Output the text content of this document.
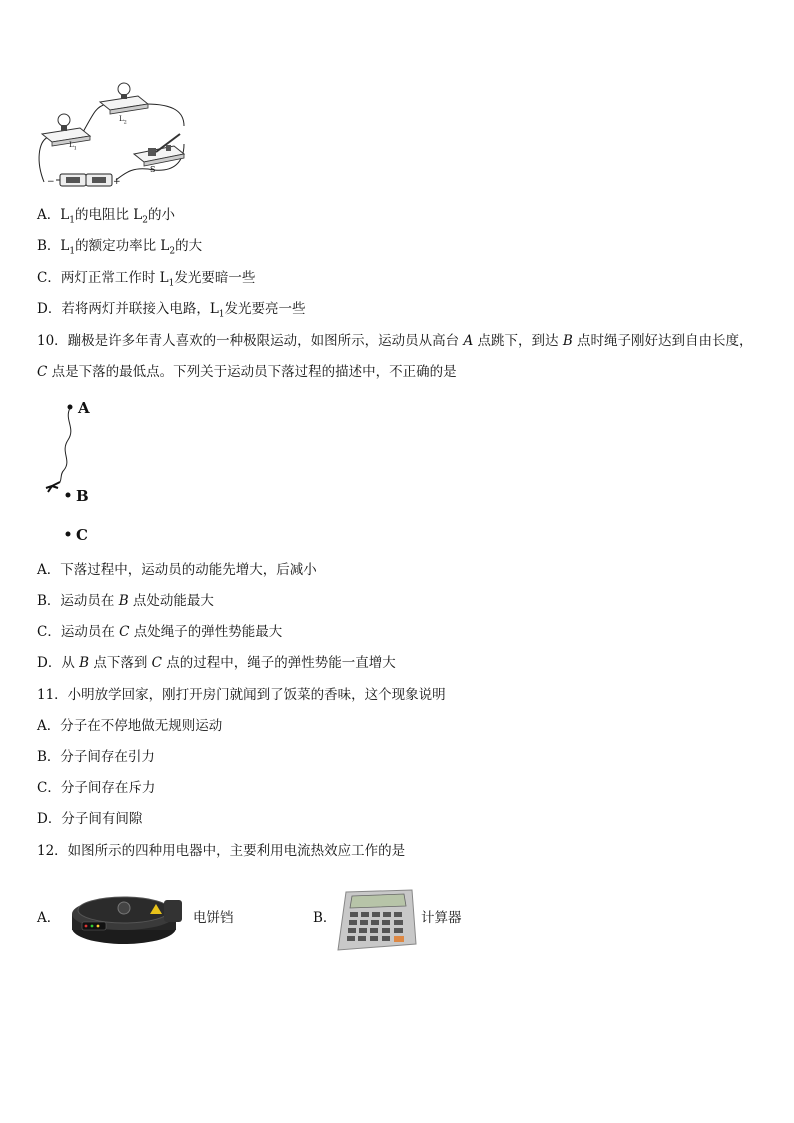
$L_1$
$L_2$
S
−	+
A．$L_1$的电阻比 $L_2$的小
B．$L_1$的额定功率比 $L_2$的大
C．两灯正常工作时 $L_1$发光要暗一些
D．若将两灯并联接入电路，$L_1$发光要亮一些
10．蹦极是许多年青人喜欢的一种极限运动，如图所示，运动员从高台 A 点跳下，到达 B 点时绳子刚好达到自由长度，
C 点是下落的最低点。下列关于运动员下落过程的描述中，不正确的是
A
B
C
A．下落过程中，运动员的动能先增大，后减小
B．运动员在 B 点处动能最大
C．运动员在 C 点处绳子的弹性势能最大
D．从 B 点下落到 C 点的过程中，绳子的弹性势能一直增大
11．小明放学回家，刚打开房门就闻到了饭菜的香味，这个现象说明
A．分子在不停地做无规则运动
B．分子间存在引力
C．分子间存在斥力
D．分子间有间隙
12．如图所示的四种用电器中，主要利用电流热效应工作的是
A．	电饼铛	B．	计算器
